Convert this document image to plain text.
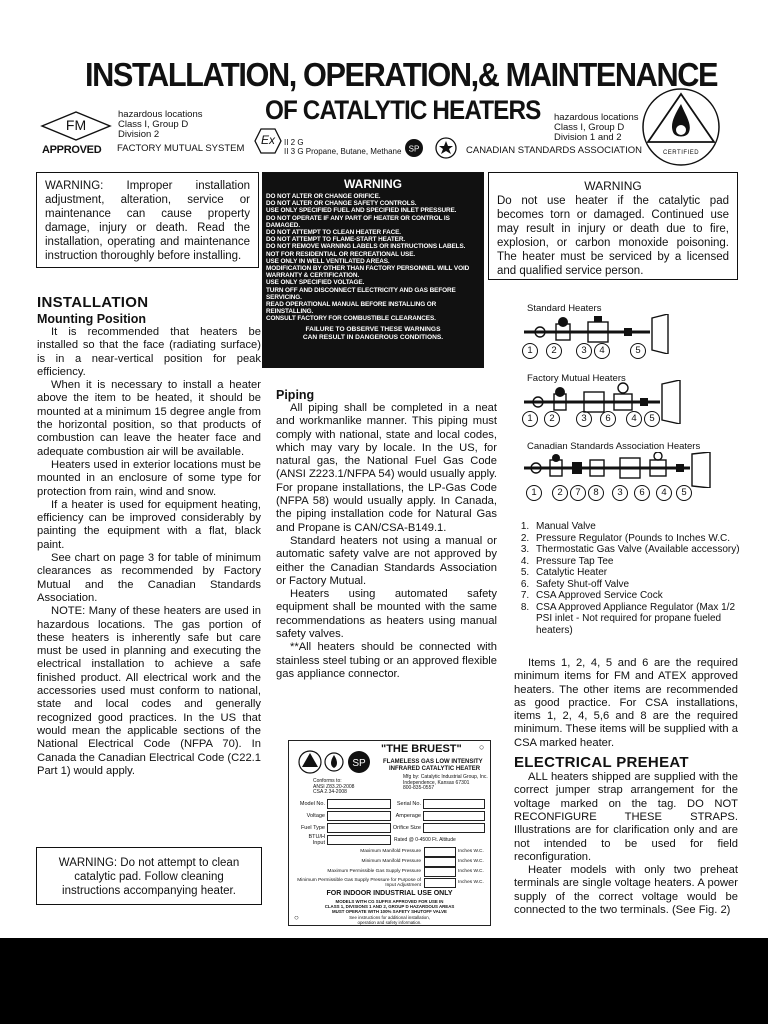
INSTALLATION, OPERATION,& MAINTENANCE
OF CATALYTIC HEATERS
FM
APPROVED
hazardous locations
Class I, Group D
Division 2
FACTORY MUTUAL SYSTEM
Ex	II 2 G
II 3 G Propane, Butane, Methane SP	CANADIAN STANDARDS ASSOCIATION
hazardous locations
Class I, Group D
Division 1 and 2
CERTIFIED
WARNING: Improper installation adjustment, alteration, service or maintenance can cause property damage, injury or death. Read the installation, operating and maintenance instruction thoroughly before installing.
WARNING
DO NOT ALTER OR CHANGE ORIFICE.
DO NOT ALTER OR CHANGE SAFETY CONTROLS.
USE ONLY SPECIFIED FUEL AND SPECIFIED INLET PRESSURE.
DO NOT OPERATE IF ANY PART OF HEATER OR CONTROL IS DAMAGED.
DO NOT ATTEMPT TO CLEAN HEATER FACE.
DO NOT ATTEMPT TO FLAME-START HEATER.
DO NOT REMOVE WARNING LABELS OR INSTRUCTIONS LABELS.
NOT FOR RESIDENTIAL OR RECREATIONAL USE.
USE ONLY IN WELL VENTILATED AREAS.
MODIFICATION BY OTHER THAN FACTORY PERSONNEL WILL VOID WARRANTY & CERTIFICATION.
USE ONLY SPECIFIED VOLTAGE.
TURN OFF AND DISCONNECT ELECTRICITY AND GAS BEFORE SERVICING.
READ OPERATIONAL MANUAL BEFORE INSTALLING OR REINSTALLING.
CONSULT FACTORY FOR COMBUSTIBLE CLEARANCES.
FAILURE TO OBSERVE THESE WARNINGS
CAN RESULT IN DANGEROUS CONDITIONS.
WARNING
Do not use heater if the catalytic pad becomes torn or damaged. Continued use may result in injury or death due to fire, explosion, or carbon monoxide poisoning. The heater must be serviced by a licensed and qualified service person.
INSTALLATION
Mounting Position

It is recommended that heaters be installed so that the face (radiating surface) is in a near-vertical position for peak efficiency.

When it is necessary to install a heater above the item to be heated, it should be mounted at a minimum 15 degree angle from the horizontal position, so that products of combustion can leave the heater face and adequate combustion air will be available.

Heaters used in exterior locations must be mounted in an enclosure of some type for protection from rain, wind and snow.

If a heater is used for equipment heating, efficiency can be improved considerably by painting the equipment with a flat, black paint.

See chart on page 3 for table of minimum clearances as recommended by Factory Mutual and the Canadian Standards Association.

NOTE: Many of these heaters are used in hazardous locations. The gas portion of these heaters is inherently safe but care must be used in planning and executing the electrical installation to achieve a safe finished product. All electrical work and the accessories used must conform to national, state and local codes and generally recognized good practices. In the US that would mean the applicable sections of the National Electrical Code (NFPA 70). In Canada the Canadian Electrical Code (C22.1 Part 1) would apply.

WARNING: Do not attempt to clean catalytic pad. Follow cleaning instructions accompanying heater.
Piping

All piping shall be completed in a neat and workmanlike manner. This piping must comply with national, state and local codes, which may vary by locale. In the US, for natural gas, the National Fuel Gas Code (ANSI Z223.1/NFPA 54) would usually apply. For propane installations, the LP-Gas Code (NFPA 58) would usually apply. In Canada, the piping installation code for Natural Gas and Propane is CAN/CSA-B149.1.

Standard heaters not using a manual or automatic safety valve are not approved by either the Canadian Standards Association or Factory Mutual.

Heaters using automated safety equipment shall be mounted with the same recommendations as heaters using manual safety valves.

**All heaters should be connected with stainless steel tubing or an approved flexible gas appliance connector.

SP
"THE BRUEST" ○
FLAMELESS GAS LOW INTENSITY
INFRARED CATALYTIC HEATER
Conforms to:
ANSI Z83.20-2008
CSA 2.34-2008
Mfg by: Catalytic Industrial Group, Inc.
Independence, Kansas 67301
800-835-0557
Model No.	Serial No.
Voltage	Amperage
Fuel Type	Orifice Size
BTU/H Input
Rated @ 0-4500 Ft. Altitude
Maximum Manifold Pressure	Inches W.C.
Minimum Manifold Pressure	Inches W.C.
Maximum Permissible Gas Supply Pressure	Inches W.C.
Minimum Permissible Gas Supply Pressure for Purpose of Input Adjustment
Inches W.C.
FOR INDOOR INDUSTRIAL USE ONLY
MODELS WITH CG SUFFIX APPROVED FOR USE IN
CLASS 1, DIVISIONS 1 AND 2, GROUP D HAZARDOUS AREAS
MUST OPERATE WITH 100% SAFETY SHUTOFF VALVE
See instructions for additional installation,
operation and safety information.
○
Standard Heaters
1 2	3 4	5
Factory Mutual Heaters
1 2	3 6 4 5
Canadian Standards Association Heaters
1 2 7 8 3 6 4 5
1. Manual Valve
2. Pressure Regulator (Pounds to Inches W.C.
3. Thermostatic Gas Valve (Available accessory)
4. Pressure Tap Tee
5. Catalytic Heater
6. Safety Shut-off Valve
7. CSA Approved Service Cock
8. CSA Approved Appliance Regulator (Max 1/2 PSI inlet - Not required for propane fueled heaters)

Items 1, 2, 4, 5 and 6 are the required minimum items for FM and ATEX approved heaters. The other items are recommended as good practice. For CSA installations, items 1, 2, 4, 5,6 and 8 are the required minimum. These items will be supplied with a CSA marked heater.

ELECTRICAL PREHEAT

ALL heaters shipped are supplied with the correct jumper strap arrangement for the voltage marked on the tag. DO NOT RECONFIGURE THESE STRAPS. Illustrations are for clarification only and are not intended to be used for field reconfiguration.

Heater models with only two preheat terminals are single voltage heaters. A power supply of the correct voltage would be connected to the two terminals. (See Fig. 2)
